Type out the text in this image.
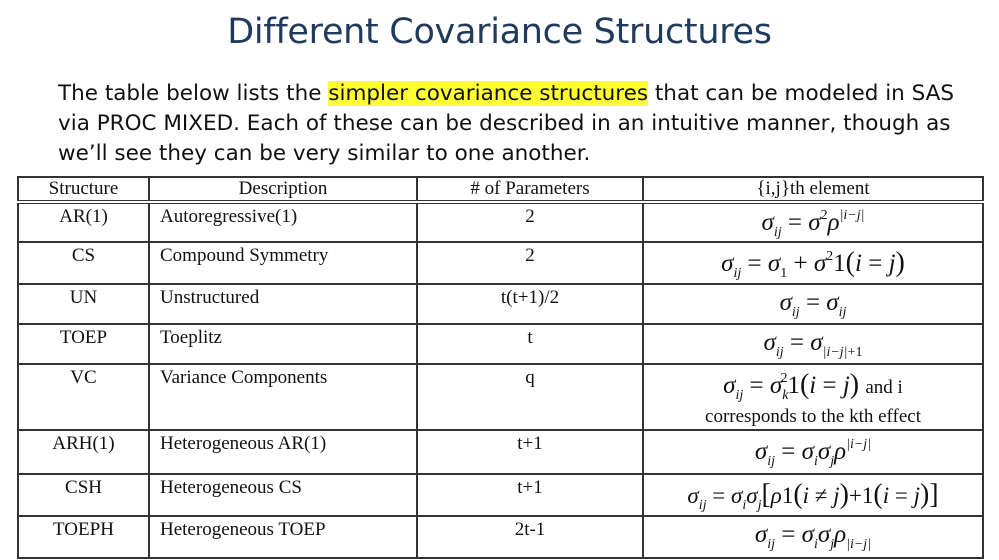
Different Covariance Structures
The table below lists the simpler covariance structures that can be modeled in SAS via PROC MIXED. Each of these can be described in an intuitive manner, though as we’ll see they can be very similar to one another.
Structure	Description	# of Parameters	{i,j}th element
AR(1)	Autoregressive(1)	2	$\sigma_{ij} = \sigma^2\rho^{|i-j|}$
CS	Compound Symmetry	2	$\sigma_{ij} = \sigma_1 + \sigma^21(i = j)$
UN	Unstructured	t(t+1)/2	$\sigma_{ij} = \sigma_{ij}$
TOEP	Toeplitz	t	$\sigma_{ij} = \sigma_{|i-j|+1}$
VC	Variance Components	q	$\sigma_{ij} = \sigma_k^21(i = j)$ and i
corresponds to the kth effect

ARH(1)	Heterogeneous AR(1)	t+1	$\sigma_{ij} = \sigma_i\sigma_j\rho^{|i-j|}$
CSH	Heterogeneous CS	t+1	$\sigma_{ij} = \sigma_i\sigma_j[\rho 1(i \ne j)+1(i = j)]$
TOEPH	Heterogeneous TOEP	2t-1	$\sigma_{ij} = \sigma_i\sigma_j\rho_{|i-j|}$
